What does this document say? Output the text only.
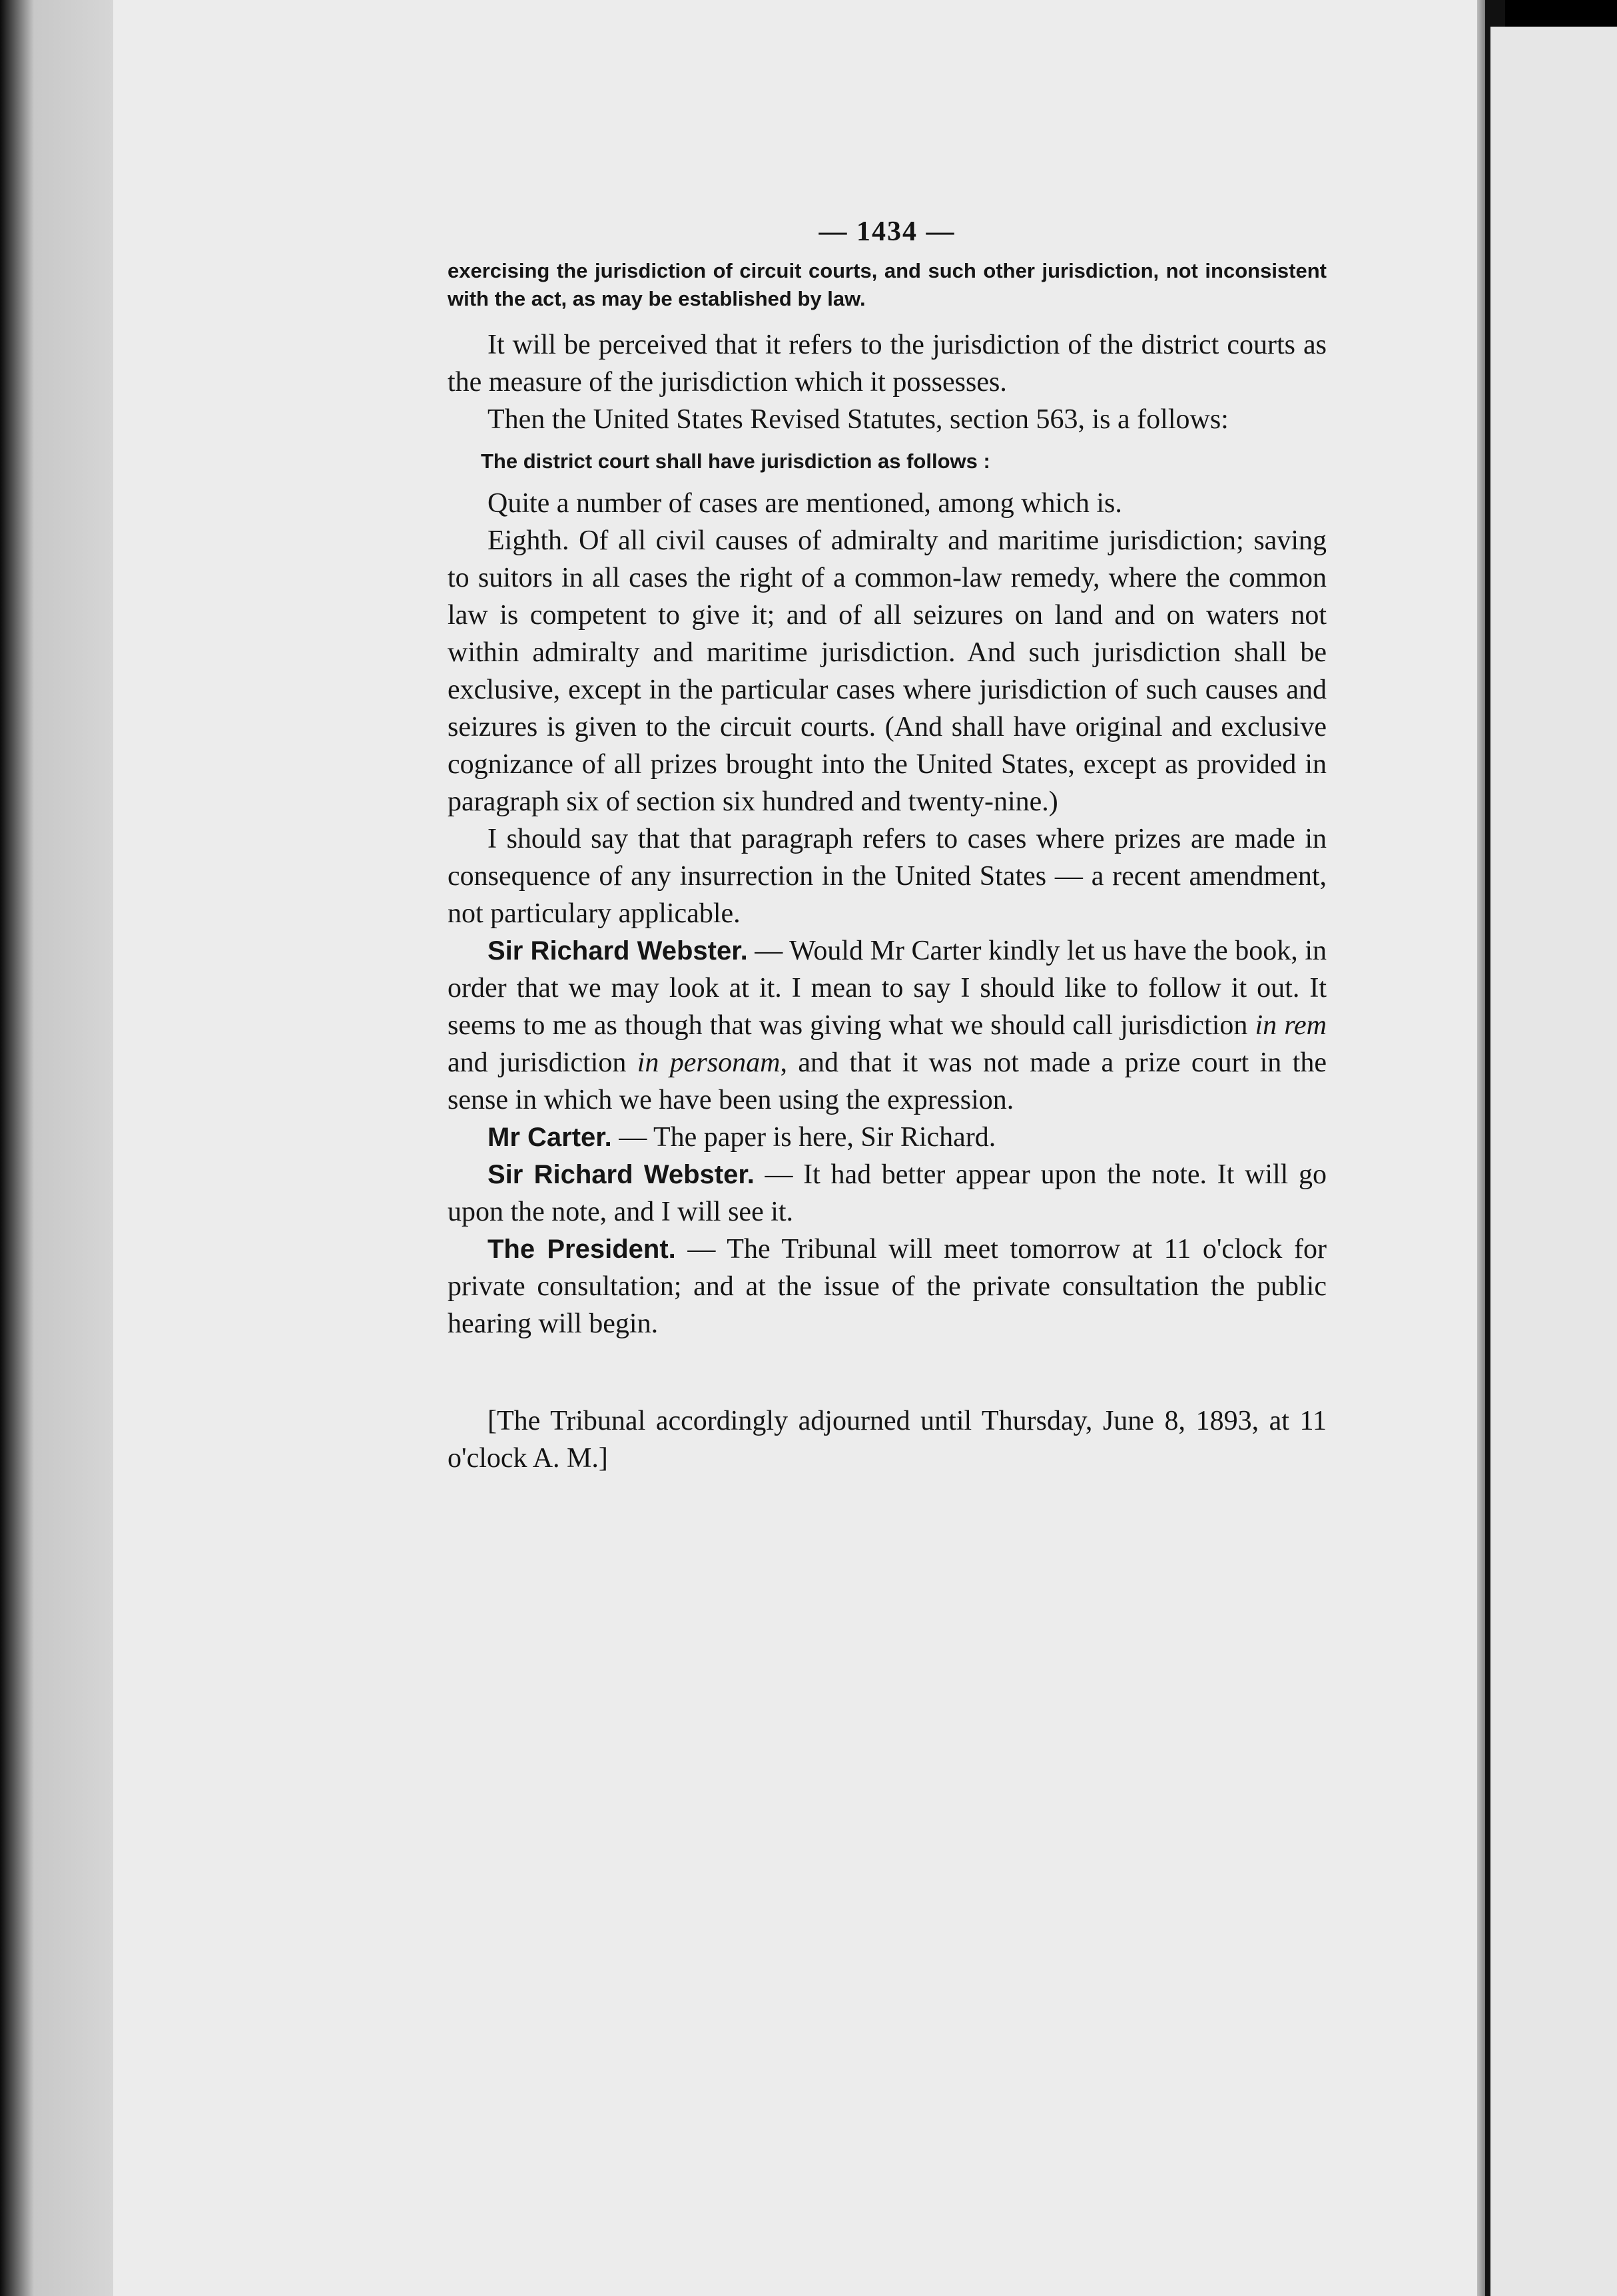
— 1434 —
exercising the jurisdiction of circuit courts, and such other jurisdiction, not inconsistent with the act, as may be established by law.

It will be perceived that it refers to the jurisdiction of the district courts as the measure of the jurisdiction which it possesses.

Then the United States Revised Statutes, section 563, is a follows:

The district court shall have jurisdiction as follows :

Quite a number of cases are mentioned, among which is.

Eighth. Of all civil causes of admiralty and maritime jurisdiction; saving to suitors in all cases the right of a common-law remedy, where the common law is competent to give it; and of all seizures on land and on waters not within admiralty and maritime jurisdiction. And such jurisdiction shall be exclusive, except in the particular cases where jurisdiction of such causes and seizures is given to the circuit courts. (And shall have original and exclusive cognizance of all prizes brought into the United States, except as provided in paragraph six of section six hundred and twenty-nine.)

I should say that that paragraph refers to cases where prizes are made in consequence of any insurrection in the United States — a recent amendment, not particulary applicable.

Sir Richard Webster. — Would Mr Carter kindly let us have the book, in order that we may look at it. I mean to say I should like to follow it out. It seems to me as though that was giving what we should call jurisdiction in rem and jurisdiction in personam, and that it was not made a prize court in the sense in which we have been using the expression.

Mr Carter. — The paper is here, Sir Richard.

Sir Richard Webster. — It had better appear upon the note. It will go upon the note, and I will see it.

The President. — The Tribunal will meet tomorrow at 11 o'clock for private consultation; and at the issue of the private consultation the public hearing will begin.

[The Tribunal accordingly adjourned until Thursday, June 8, 1893, at 11 o'clock A. M.]
